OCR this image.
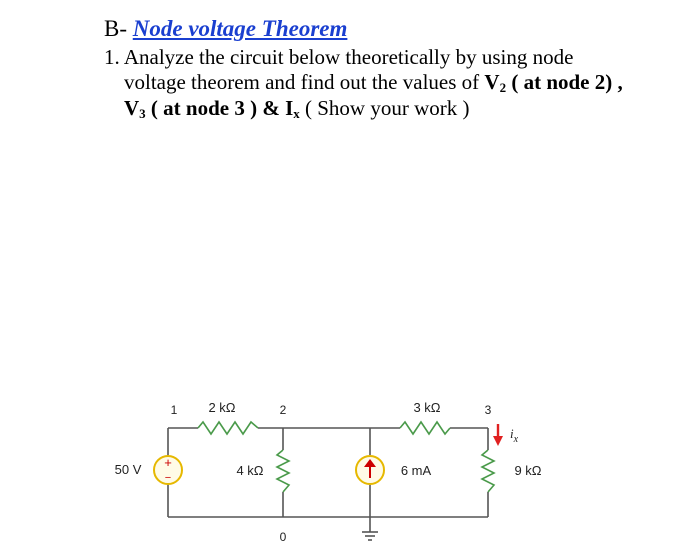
B- Node voltage Theorem
1. Analyze the circuit below theoretically by using node
voltage theorem and find out the values of $V_2$ ( at node 2) ,
$V_3$ ( at node 3 ) & $I_x$ ( Show your work )
+
−
50 V
2 kΩ
4 kΩ
3 kΩ
9 kΩ
6 mA
1	2	3
0
$i_x$
